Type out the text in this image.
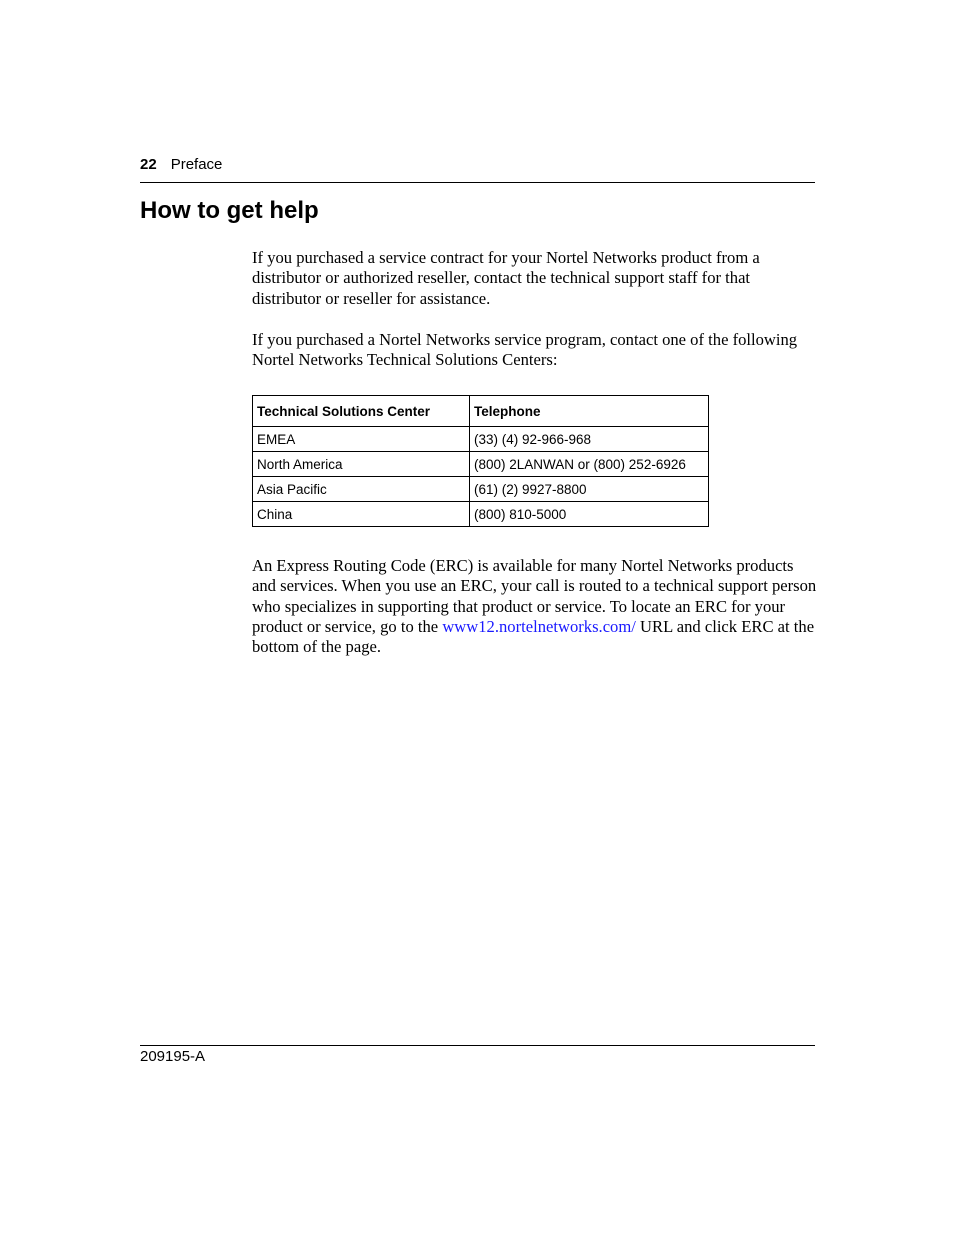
22 Preface
How to get help

If you purchased a service contract for your Nortel Networks product from a distributor or authorized reseller, contact the technical support staff for that distributor or reseller for assistance.

If you purchased a Nortel Networks service program, contact one of the following Nortel Networks Technical Solutions Centers:

Technical Solutions Center	Telephone
EMEA	(33) (4) 92-966-968
North America	(800) 2LANWAN or (800) 252-6926
Asia Pacific	(61) (2) 9927-8800
China	(800) 810-5000

An Express Routing Code (ERC) is available for many Nortel Networks products and services. When you use an ERC, your call is routed to a technical support person who specializes in supporting that product or service. To locate an ERC for your product or service, go to the www12.nortelnetworks.com/ URL and click ERC at the bottom of the page.

209195-A
